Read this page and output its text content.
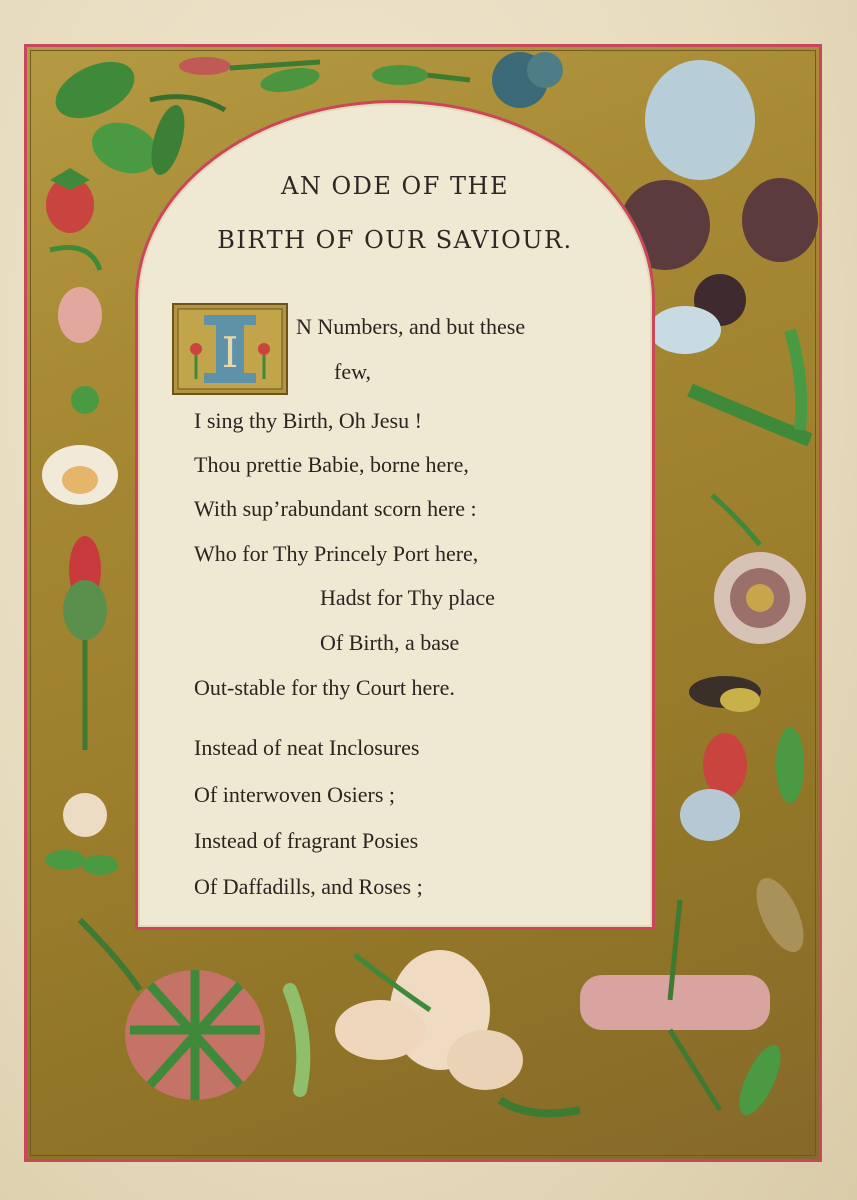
AN ODE OF THE
BIRTH OF OUR SAVIOUR.
I
N Numbers, and but these
few,
I sing thy Birth, Oh Jesu !
Thou prettie Babie, borne here,
With sup’rabundant scorn here :
Who for Thy Princely Port here,
Hadst for Thy place
Of Birth, a base
Out-stable for thy Court here.
Instead of neat Inclosures
Of interwoven Osiers ;
Instead of fragrant Posies
Of Daffadills, and Roses ;
